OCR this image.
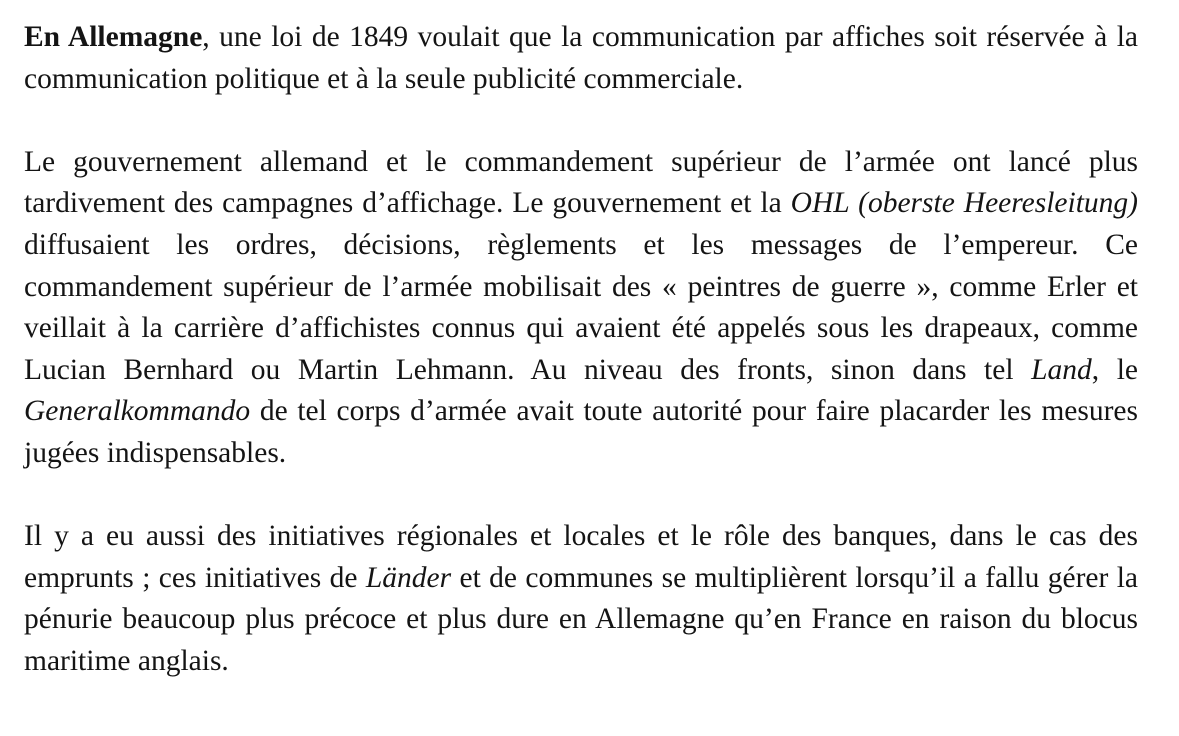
En Allemagne, une loi de 1849 voulait que la communication par affiches soit réservée à la communication politique et à la seule publicité commerciale.

Le gouvernement allemand et le commandement supérieur de l’armée ont lancé plus tardivement des campagnes d’affichage. Le gouvernement et la OHL (oberste Heeresleitung) diffusaient les ordres, décisions, règlements et les messages de l’empereur. Ce commandement supérieur de l’armée mobilisait des « peintres de guerre », comme Erler et veillait à la carrière d’affichistes connus qui avaient été appelés sous les drapeaux, comme Lucian Bernhard ou Martin Lehmann. Au niveau des fronts, sinon dans tel Land, le Generalkommando de tel corps d’armée avait toute autorité pour faire placarder les mesures jugées indispensables.

Il y a eu aussi des initiatives régionales et locales et le rôle des banques, dans le cas des emprunts ; ces initiatives de Länder et de communes se multiplièrent lorsqu’il a fallu gérer la pénurie beaucoup plus précoce et plus dure en Allemagne qu’en France en raison du blocus maritime anglais.
